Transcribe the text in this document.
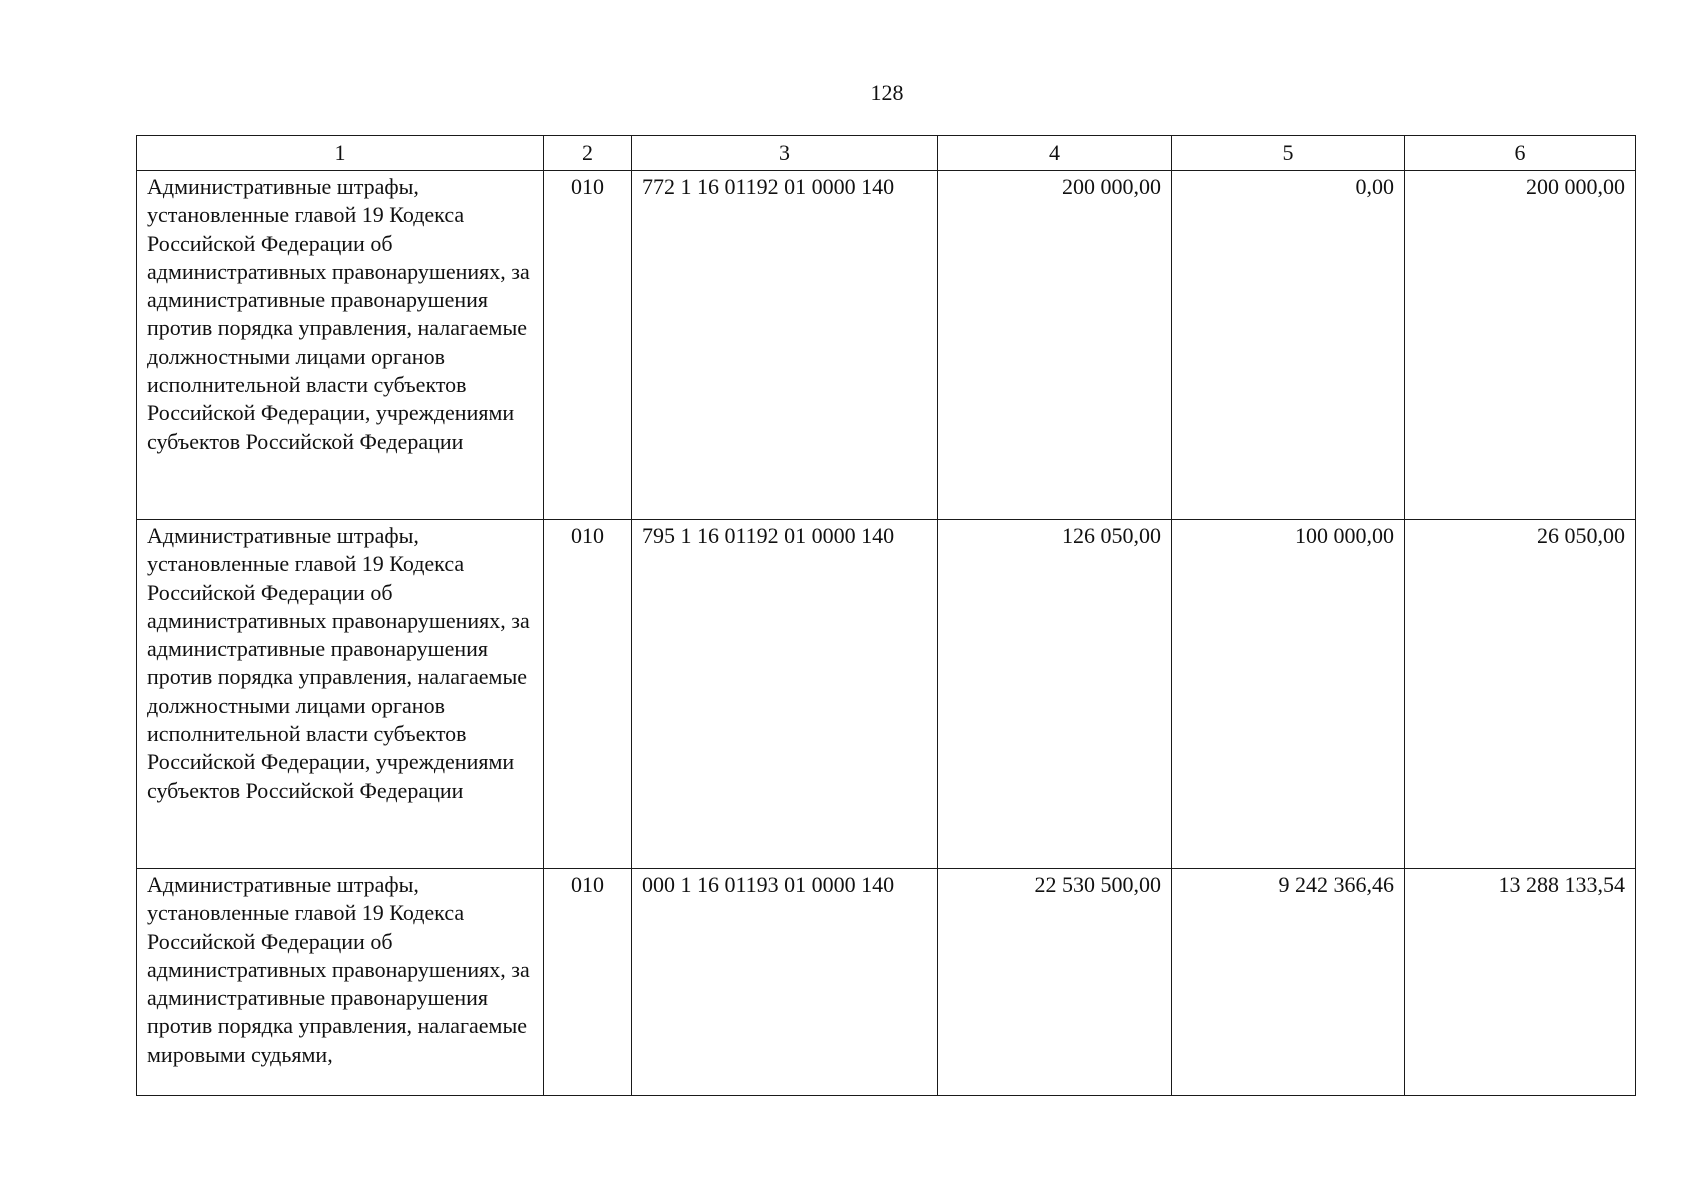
128
1	2	3	4	5	6
Административные штрафы, установленные главой 19 Кодекса Российской Федерации об административных правонарушениях, за административные правонарушения против порядка управления, налагаемые должностными лицами органов исполнительной власти субъектов Российской Федерации, учреждениями субъектов Российской Федерации	010	772 1 16 01192 01 0000 140	200 000,00	0,00	200 000,00
Административные штрафы, установленные главой 19 Кодекса Российской Федерации об административных правонарушениях, за административные правонарушения против порядка управления, налагаемые должностными лицами органов исполнительной власти субъектов Российской Федерации, учреждениями субъектов Российской Федерации	010	795 1 16 01192 01 0000 140	126 050,00	100 000,00	26 050,00
Административные штрафы, установленные главой 19 Кодекса Российской Федерации об административных правонарушениях, за административные правонарушения против порядка управления, налагаемые мировыми судьями,	010	000 1 16 01193 01 0000 140	22 530 500,00	9 242 366,46	13 288 133,54
